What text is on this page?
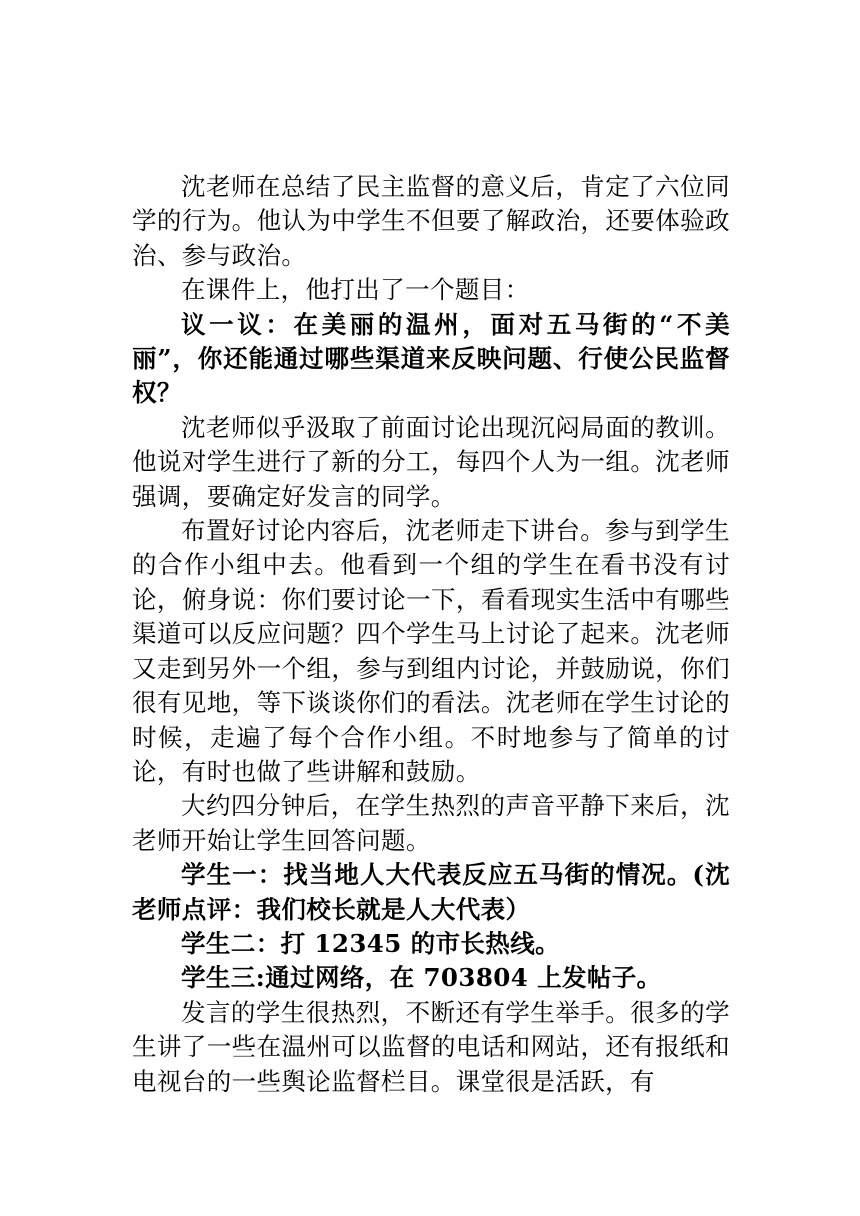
沈老师在总结了民主监督的意义后，肯定了六位同学的行为。他认为中学生不但要了解政治，还要体验政治、参与政治。

在课件上，他打出了一个题目：

议一议：在美丽的温州，面对五马街的“不美丽”，你还能通过哪些渠道来反映问题、行使公民监督权？

沈老师似乎汲取了前面讨论出现沉闷局面的教训。他说对学生进行了新的分工，每四个人为一组。沈老师强调，要确定好发言的同学。

布置好讨论内容后，沈老师走下讲台。参与到学生的合作小组中去。他看到一个组的学生在看书没有讨论，俯身说：你们要讨论一下，看看现实生活中有哪些渠道可以反应问题？四个学生马上讨论了起来。沈老师又走到另外一个组，参与到组内讨论，并鼓励说，你们很有见地，等下谈谈你们的看法。沈老师在学生讨论的时候，走遍了每个合作小组。不时地参与了简单的讨论，有时也做了些讲解和鼓励。

大约四分钟后，在学生热烈的声音平静下来后，沈老师开始让学生回答问题。

学生一：找当地人大代表反应五马街的情况。(沈老师点评：我们校长就是人大代表）

学生二：打 12345 的市长热线。

学生三:通过网络，在 703804 上发帖子。

发言的学生很热烈，不断还有学生举手。很多的学生讲了一些在温州可以监督的电话和网站，还有报纸和电视台的一些舆论监督栏目。课堂很是活跃，有
